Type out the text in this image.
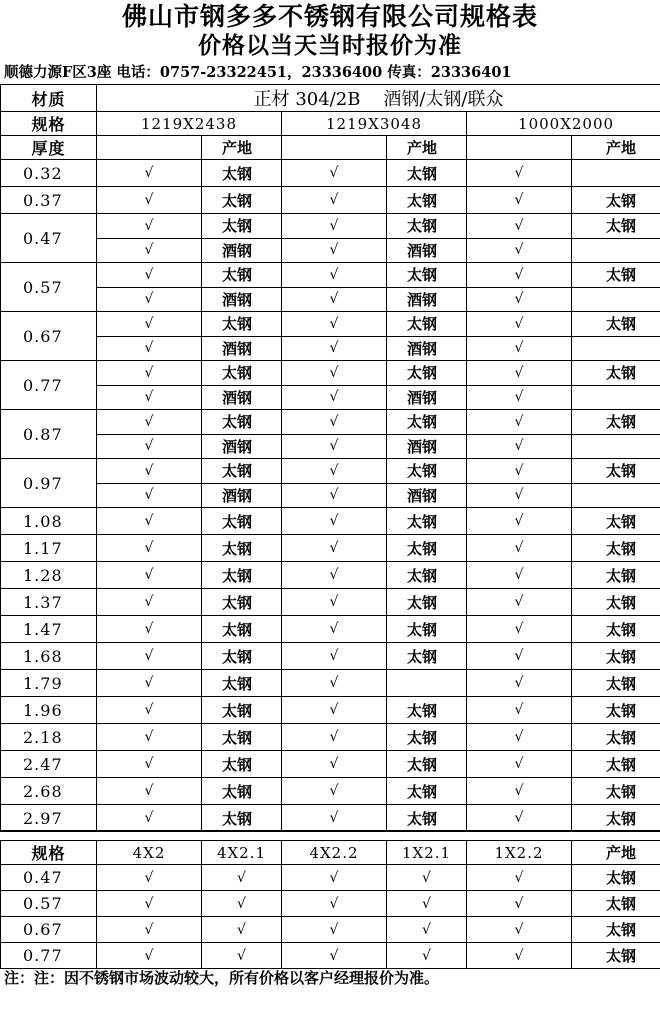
佛山市钢多多不锈钢有限公司规格表
价格以当天当时报价为准
顺德力源F区3座 电话：0757-23322451，23336400 传真：23336401
材质	正材 304/2B    酒钢/太钢/联众					
规格	1219X2438		1219X3048		1000X2000	
厚度		产地		产地		产地
0.32	√	太钢	√	太钢	√	
0.37	√	太钢	√	太钢	√	太钢
0.47	√	太钢	√	太钢	√	太钢
	√	酒钢	√	酒钢	√	
0.57	√	太钢	√	太钢	√	太钢
	√	酒钢	√	酒钢	√	
0.67	√	太钢	√	太钢	√	太钢
	√	酒钢	√	酒钢	√	
0.77	√	太钢	√	太钢	√	太钢
	√	酒钢	√	酒钢	√	
0.87	√	太钢	√	太钢	√	太钢
	√	酒钢	√	酒钢	√	
0.97	√	太钢	√	太钢	√	太钢
	√	酒钢	√	酒钢	√	
1.08	√	太钢	√	太钢	√	太钢
1.17	√	太钢	√	太钢	√	太钢
1.28	√	太钢	√	太钢	√	太钢
1.37	√	太钢	√	太钢	√	太钢
1.47	√	太钢	√	太钢	√	太钢
1.68	√	太钢	√	太钢	√	太钢
1.79	√	太钢	√		√	太钢
1.96	√	太钢	√	太钢	√	太钢
2.18	√	太钢	√	太钢	√	太钢
2.47	√	太钢	√	太钢	√	太钢
2.68	√	太钢	√	太钢	√	太钢
2.97	√	太钢	√	太钢	√	太钢

规格	4X2	4X2.1	4X2.2	1X2.1	1X2.2	产地
0.47	√	√	√	√	√	太钢
0.57	√	√	√	√	√	太钢
0.67	√	√	√	√	√	太钢
0.77	√	√	√	√	√	太钢
注：注：因不锈钢市场波动较大，所有价格以客户经理报价为准。
